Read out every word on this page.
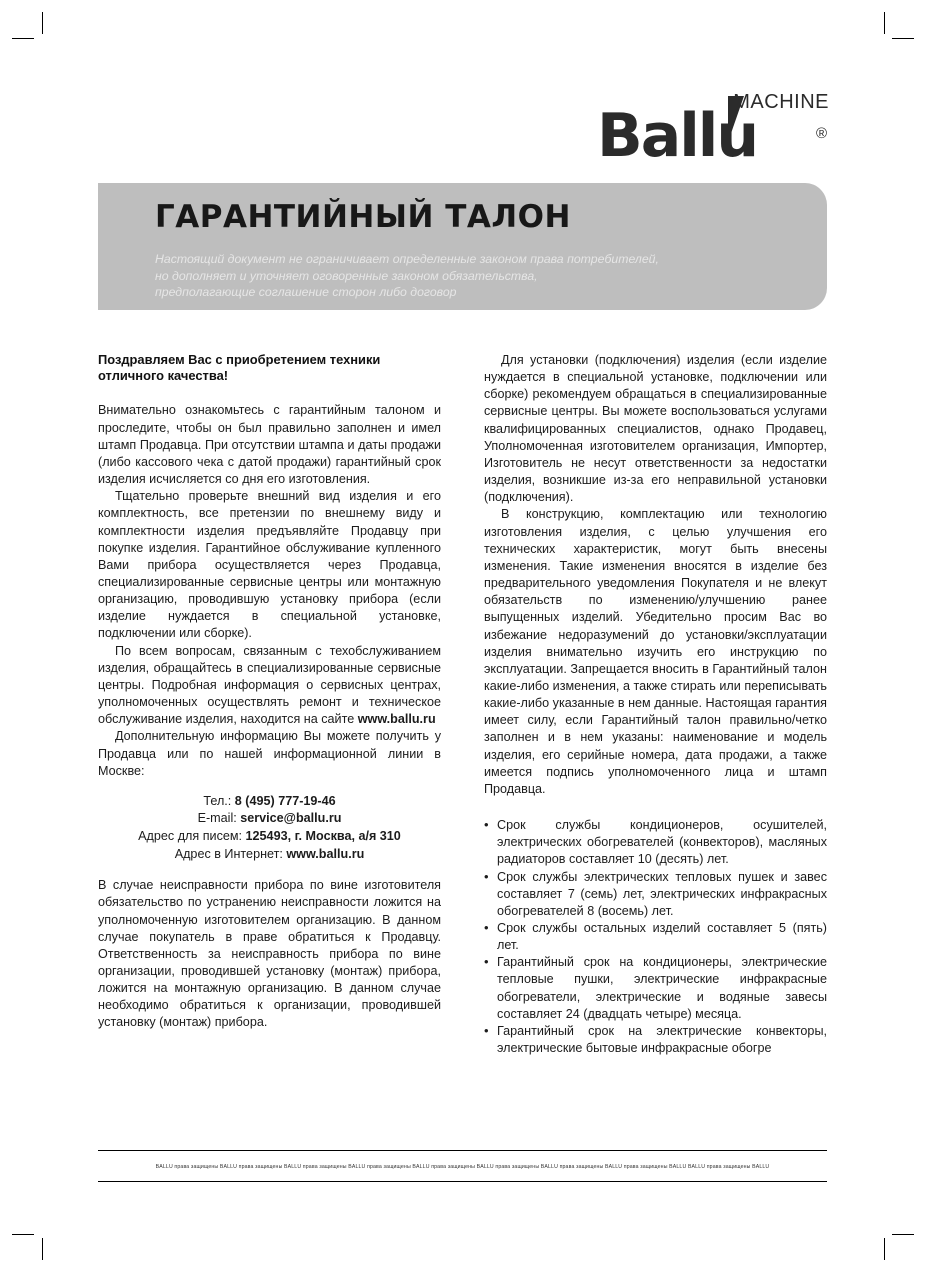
MACHINE
Ballu	®
ГАРАНТИЙНЫЙ ТАЛОН
Настоящий документ не ограничивает определенные законом права потребителей,
но дополняет и уточняет оговоренные законом обязательства,
предполагающие соглашение сторон либо договор

Поздравляем Вас с приобретением техники отличного качества!

Внимательно ознакомьтесь с гарантийным талоном и проследите, чтобы он был правильно заполнен и имел штамп Продавца. При отсутствии штампа и даты продажи (либо кассового чека с датой продажи) гарантийный срок изделия исчисляется со дня его изготовления.

Тщательно проверьте внешний вид изделия и его комплектность, все претензии по внешнему виду и комплектности изделия предъявляйте Продавцу при покупке изделия. Гарантийное обслуживание купленного Вами прибора осуществляется через Продавца, специализированные сервисные центры или монтажную организацию, проводившую установку прибора (если изделие нуждается в специальной установке, подключении или сборке).

По всем вопросам, связанным с техобслуживанием изделия, обращайтесь в специализированные сервисные центры. Подробная информация о сервисных центрах, уполномоченных осуществлять ремонт и техническое обслуживание изделия, находится на сайте www.ballu.ru

Дополнительную информацию Вы можете получить у Продавца или по нашей информационной линии в Москве:

Тел.: 8 (495) 777-19-46
E-mail: service@ballu.ru
Адрес для писем: 125493, г. Москва, а/я 310
Адрес в Интернет: www.ballu.ru

В случае неисправности прибора по вине изготовителя обязательство по устранению неисправности ложится на уполномоченную изготовителем организацию. В данном случае покупатель в праве обратиться к Продавцу. Ответственность за неисправность прибора по вине организации, проводившей установку (монтаж) прибора, ложится на монтажную организацию. В данном случае необходимо обратиться к организации, проводившей установку (монтаж) прибора.

Для установки (подключения) изделия (если изделие нуждается в специальной установке, подключении или сборке) рекомендуем обращаться в специализированные сервисные центры. Вы можете воспользоваться услугами квалифицированных специалистов, однако Продавец, Уполномоченная изготовителем организация, Импортер, Изготовитель не несут ответственности за недостатки изделия, возникшие из-за его неправильной установки (подключения).

В конструкцию, комплектацию или технологию изготовления изделия, с целью улучшения его технических характеристик, могут быть внесены изменения. Такие изменения вносятся в изделие без предварительного уведомления Покупателя и не влекут обязательств по изменению/улучшению ранее выпущенных изделий. Убедительно просим Вас во избежание недоразумений до установки/эксплуатации изделия внимательно изучить его инструкцию по эксплуатации. Запрещается вносить в Гарантийный талон какие-либо изменения, а также стирать или переписывать какие-либо указанные в нем данные. Настоящая гарантия имеет силу, если Гарантийный талон правильно/четко заполнен и в нем указаны: наименование и модель изделия, его серийные номера, дата продажи, а также имеется подпись уполномоченного лица и штамп Продавца.

• Срок службы кондиционеров, осушителей, электрических обогревателей (конвекторов), масляных радиаторов составляет 10 (десять) лет.
• Срок службы электрических тепловых пушек и завес составляет 7 (семь) лет, электрических инфракрасных обогревателей 8 (восемь) лет.
• Срок службы остальных изделий составляет 5 (пять) лет.
• Гарантийный срок на кондиционеры, электрические тепловые пушки, электрические инфракрасные обогреватели, электрические и водяные завесы составляет 24 (двадцать четыре) месяца.
• Гарантийный срок на электрические конвекторы, электрические бытовые инфракрасные обогре
BALLU права защищены BALLU права защищены BALLU права защищены BALLU права защищены BALLU права защищены BALLU права защищены BALLU права защищены BALLU права защищены BALLU BALLU права защищены BALLU
